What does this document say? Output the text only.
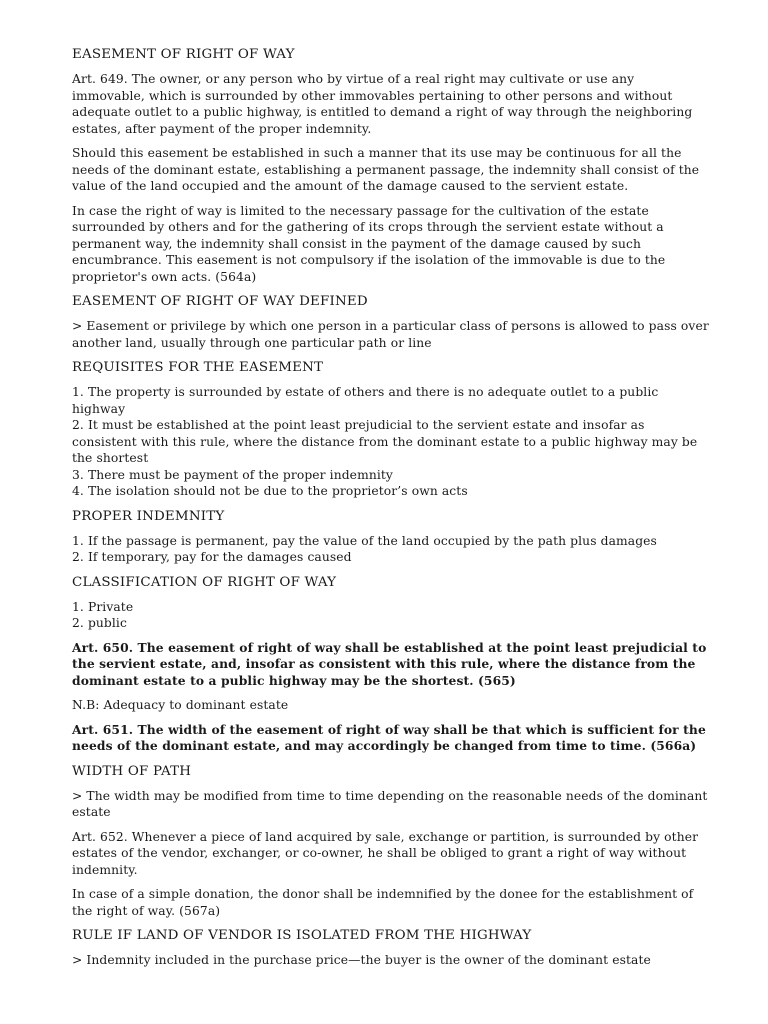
EASEMENT OF RIGHT OF WAY
Art. 649. The owner, or any person who by virtue of a real right may cultivate or use any immovable, which is surrounded by other immovables pertaining to other persons and without adequate outlet to a public highway, is entitled to demand a right of way through the neighboring estates, after payment of the proper indemnity.
Should this easement be established in such a manner that its use may be continuous for all the needs of the dominant estate, establishing a permanent passage, the indemnity shall consist of the value of the land occupied and the amount of the damage caused to the servient estate.
In case the right of way is limited to the necessary passage for the cultivation of the estate surrounded by others and for the gathering of its crops through the servient estate without a permanent way, the indemnity shall consist in the payment of the damage caused by such encumbrance. This easement is not compulsory if the isolation of the immovable is due to the proprietor's own acts. (564a)
EASEMENT OF RIGHT OF WAY DEFINED
> Easement or privilege by which one person in a particular class of persons is allowed to pass over another land, usually through one particular path or line
REQUISITES FOR THE EASEMENT
1. The property is surrounded by estate of others and there is no adequate outlet to a public highway
2. It must be established at the point least prejudicial to the servient estate and insofar as consistent with this rule, where the distance from the dominant estate to a public highway may be the shortest
3. There must be payment of the proper indemnity
4. The isolation should not be due to the proprietor’s own acts
PROPER INDEMNITY
1. If the passage is permanent, pay the value of the land occupied by the path plus damages
2. If temporary, pay for the damages caused
CLASSIFICATION OF RIGHT OF WAY
1. Private
2. public
Art. 650. The easement of right of way shall be established at the point least prejudicial to the servient estate, and, insofar as consistent with this rule, where the distance from the dominant estate to a public highway may be the shortest. (565)
N.B: Adequacy to dominant estate
Art. 651. The width of the easement of right of way shall be that which is sufficient for the needs of the dominant estate, and may accordingly be changed from time to time. (566a)
WIDTH OF PATH
> The width may be modified from time to time depending on the reasonable needs of the dominant estate
Art. 652. Whenever a piece of land acquired by sale, exchange or partition, is surrounded by other estates of the vendor, exchanger, or co-owner, he shall be obliged to grant a right of way without indemnity.
In case of a simple donation, the donor shall be indemnified by the donee for the establishment of the right of way. (567a)
RULE IF LAND OF VENDOR IS ISOLATED FROM THE HIGHWAY
> Indemnity included in the purchase price—the buyer is the owner of the dominant estate
